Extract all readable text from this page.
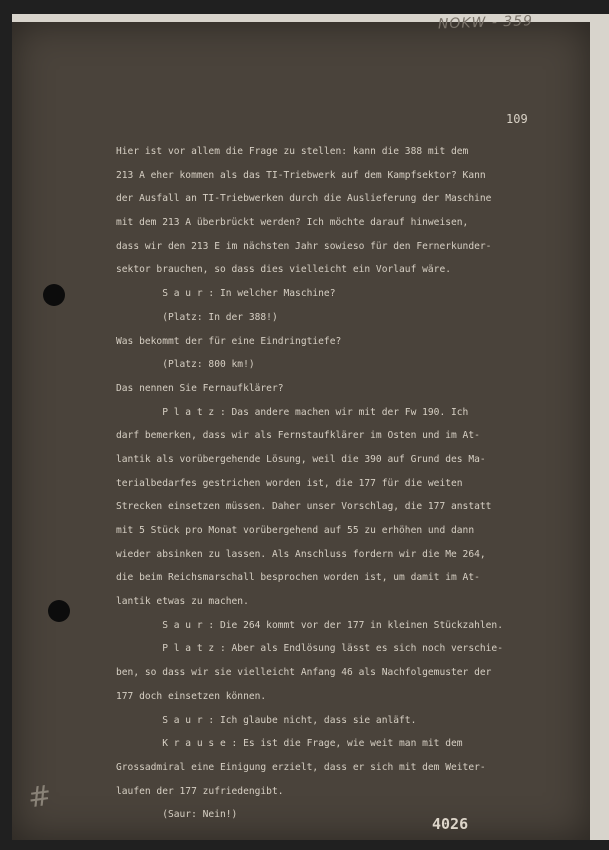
NOKW - 359
109
Hier ist vor allem die Frage zu stellen: kann die 388 mit dem
213 A eher kommen als das TI-Triebwerk auf dem Kampfsektor? Kann
der Ausfall an TI-Triebwerken durch die Auslieferung der Maschine
mit dem 213 A überbrückt werden? Ich möchte darauf hinweisen,
dass wir den 213 E im nächsten Jahr sowieso für den Fernerkunder-
sektor brauchen, so dass dies vielleicht ein Vorlauf wäre.
S a u r : In welcher Maschine?
(Platz: In der 388!)
Was bekommt der für eine Eindringtiefe?
(Platz: 800 km!)
Das nennen Sie Fernaufklärer?
P l a t z : Das andere machen wir mit der Fw 190. Ich
darf bemerken, dass wir als Fernstaufklärer im Osten und im At-
lantik als vorübergehende Lösung, weil die 390 auf Grund des Ma-
terialbedarfes gestrichen worden ist, die 177 für die weiten
Strecken einsetzen müssen. Daher unser Vorschlag, die 177 anstatt
mit 5 Stück pro Monat vorübergehend auf 55 zu erhöhen und dann
wieder absinken zu lassen. Als Anschluss fordern wir die Me 264,
die beim Reichsmarschall besprochen worden ist, um damit im At-
lantik etwas zu machen.
S a u r : Die 264 kommt vor der 177 in kleinen Stückzahlen.
P l a t z : Aber als Endlösung lässt es sich noch verschie-
ben, so dass wir sie vielleicht Anfang 46 als Nachfolgemuster der
177 doch einsetzen können.
S a u r : Ich glaube nicht, dass sie anläft.
K r a u s e : Es ist die Frage, wie weit man mit dem
Grossadmiral eine Einigung erzielt, dass er sich mit dem Weiter-
laufen der 177 zufriedengibt.
(Saur: Nein!)
#
4026
